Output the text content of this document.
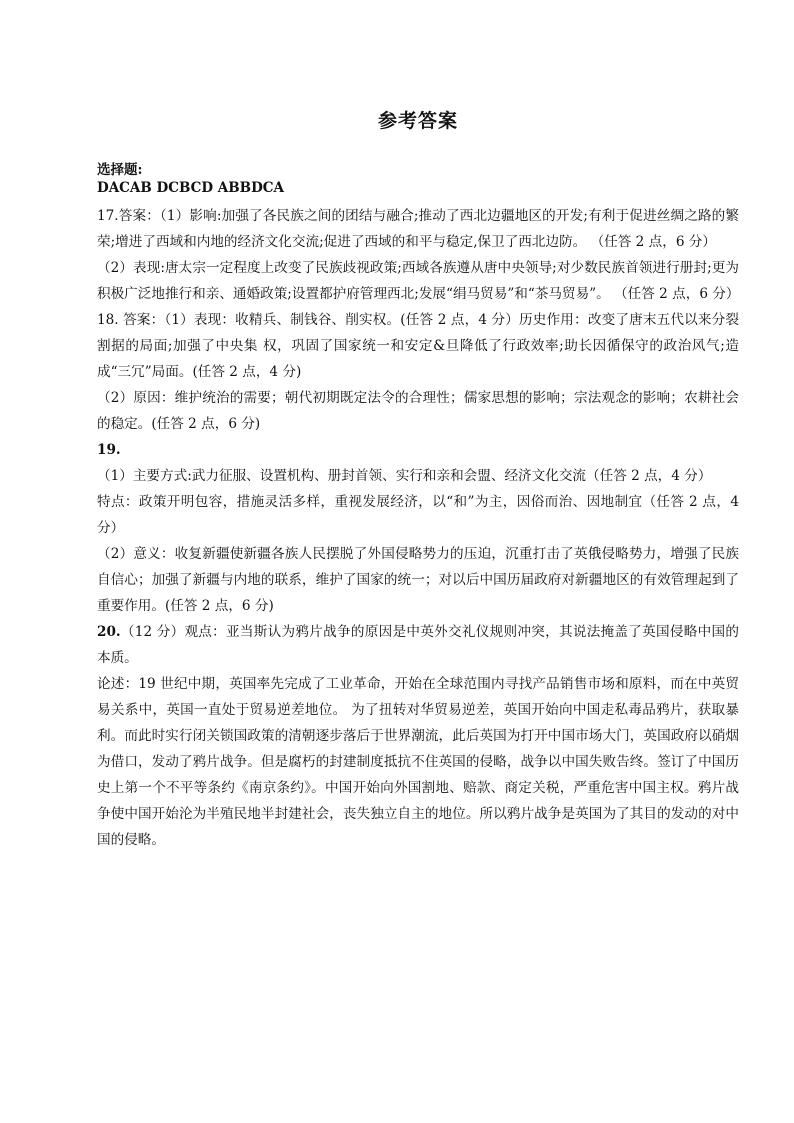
参考答案
选择题:
DACAB DCBCD ABBDCA

17.答案：（1）影响:加强了各民族之间的团结与融合;推动了西北边疆地区的开发;有利于促进丝绸之路的繁荣;增进了西域和内地的经济文化交流;促进了西域的和平与稳定,保卫了西北边防。 （任答 2 点，6 分）

（2）表现:唐太宗一定程度上改变了民族歧视政策;西域各族遵从唐中央领导;对少数民族首领进行册封;更为积极广泛地推行和亲、通婚政策;设置都护府管理西北;发展“绢马贸易”和“茶马贸易”。 （任答 2 点，6 分）

18. 答案：（1）表现：收精兵、制钱谷、削实权。(任答 2 点，4 分）历史作用：改变了唐末五代以来分裂割据的局面;加强了中央集 权，巩固了国家统一和安定&旦降低了行政效率;助长因循保守的政治风气;造成“三冗”局面。(任答 2 点，4 分)

（2）原因：维护统治的需要；朝代初期既定法令的合理性；儒家思想的影响；宗法观念的影响；农耕社会的稳定。(任答 2 点，6 分)

19. （1）主要方式:武力征服、设置机构、册封首领、实行和亲和会盟、经济文化交流（任答 2 点，4 分）

特点：政策开明包容，措施灵活多样，重视发展经济，以“和”为主，因俗而治、因地制宜（任答 2 点，4 分）

（2）意义：收复新疆使新疆各族人民摆脱了外国侵略势力的压迫，沉重打击了英俄侵略势力，增强了民族自信心；加强了新疆与内地的联系，维护了国家的统一；对以后中国历届政府对新疆地区的有效管理起到了重要作用。(任答 2 点，6 分)

20.（12 分）观点：亚当斯认为鸦片战争的原因是中英外交礼仪规则冲突，其说法掩盖了英国侵略中国的本质。

论述：19 世纪中期，英国率先完成了工业革命，开始在全球范围内寻找产品销售市场和原料，而在中英贸易关系中，英国一直处于贸易逆差地位。 为了扭转对华贸易逆差，英国开始向中国走私毒品鸦片，获取暴利。而此时实行闭关锁国政策的清朝逐步落后于世界潮流，此后英国为打开中国市场大门，英国政府以硝烟为借口，发动了鸦片战争。但是腐朽的封建制度抵抗不住英国的侵略，战争以中国失败告终。签订了中国历史上第一个不平等条约《南京条约》。中国开始向外国割地、赔款、商定关税，严重危害中国主权。鸦片战争使中国开始沦为半殖民地半封建社会，丧失独立自主的地位。所以鸦片战争是英国为了其目的发动的对中国的侵略。
